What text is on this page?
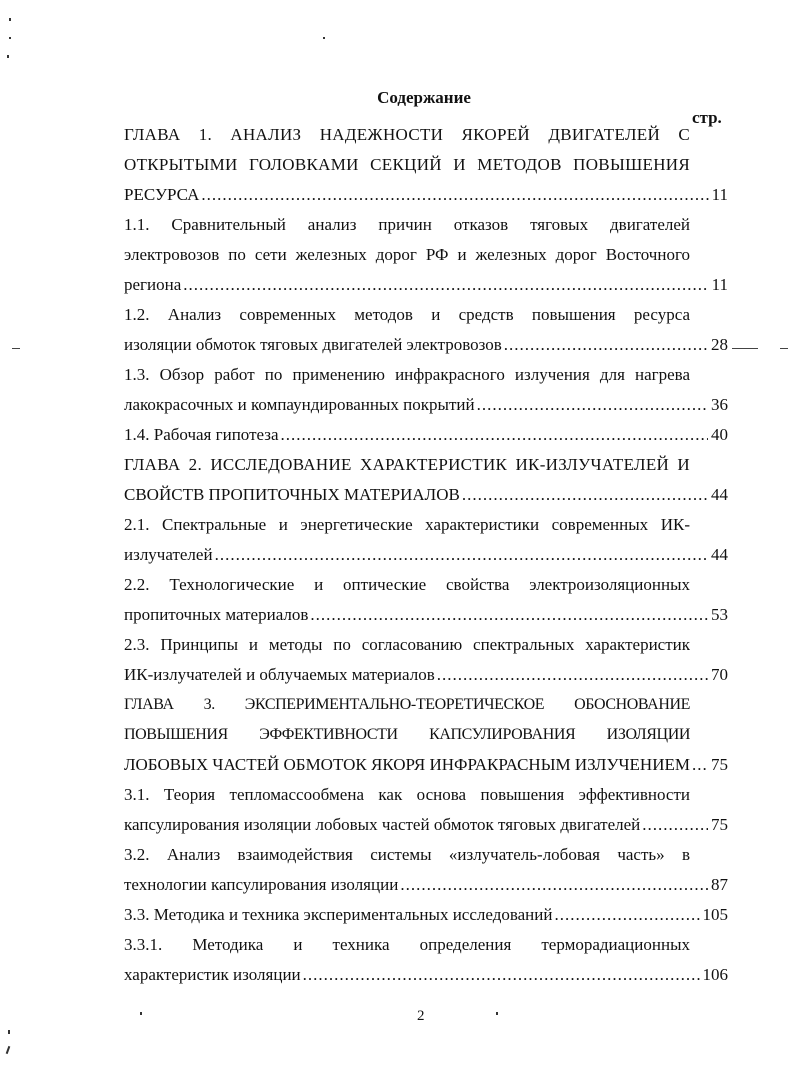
Содержание
стр.
ГЛАВА 1. АНАЛИЗ НАДЕЖНОСТИ ЯКОРЕЙ ДВИГАТЕЛЕЙ С
ОТКРЫТЫМИ ГОЛОВКАМИ СЕКЦИЙ И МЕТОДОВ ПОВЫШЕНИЯ
РЕСУРСА .....	11
1.1. Сравнительный анализ причин отказов тяговых двигателей
электровозов по сети железных дорог РФ и железных дорог Восточного
региона .....	11
1.2. Анализ современных методов и средств повышения ресурса
изоляции обмоток тяговых двигателей электровозов .....	28
1.3. Обзор работ по применению инфракрасного излучения для нагрева
лакокрасочных и компаундированных покрытий .....	36
1.4. Рабочая гипотеза .....	40
ГЛАВА 2. ИССЛЕДОВАНИЕ ХАРАКТЕРИСТИК ИК-ИЗЛУЧАТЕЛЕЙ И
СВОЙСТВ ПРОПИТОЧНЫХ МАТЕРИАЛОВ .....	44
2.1. Спектральные и энергетические характеристики современных ИК-
излучателей .....	44
2.2. Технологические и оптические свойства электроизоляционных
пропиточных материалов .....	53
2.3. Принципы и методы по согласованию спектральных характеристик
ИК-излучателей и облучаемых материалов .....	70
ГЛАВА 3. ЭКСПЕРИМЕНТАЛЬНО-ТЕОРЕТИЧЕСКОЕ ОБОСНОВАНИЕ
ПОВЫШЕНИЯ ЭФФЕКТИВНОСТИ КАПСУЛИРОВАНИЯ ИЗОЛЯЦИИ
ЛОБОВЫХ ЧАСТЕЙ ОБМОТОК ЯКОРЯ ИНФРАКРАСНЫМ ИЗЛУЧЕНИЕМ ..... 75
3.1. Теория тепломассообмена как основа повышения эффективности
капсулирования изоляции лобовых частей обмоток тяговых двигателей .....	75
3.2. Анализ взаимодействия системы «излучатель-лобовая часть» в
технологии капсулирования изоляции .....	87
3.3. Методика и техника экспериментальных исследований .....	105
3.3.1. Методика и техника определения терморадиационных
характеристик изоляции .....	106
2
